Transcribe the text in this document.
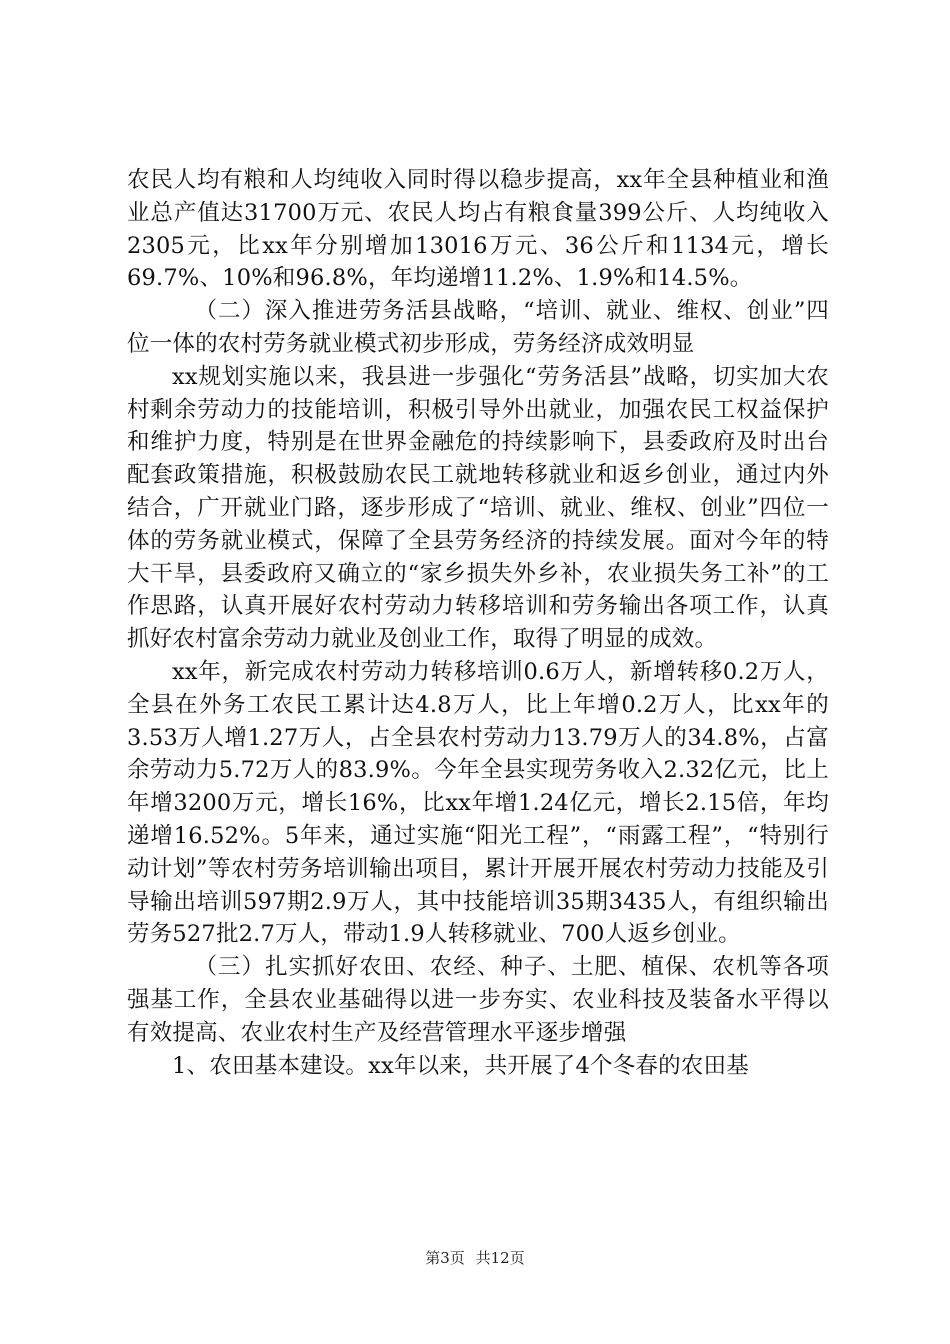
农民人均有粮和人均纯收入同时得以稳步提高，xx年全县种植业和渔业总产值达31700万元、农民人均占有粮食量399公斤、人均纯收入2305元，比xx年分别增加13016万元、36公斤和1134元，增长69.7%、10%和96.8%，年均递增11.2%、1.9%和14.5%。

（二）深入推进劳务活县战略，“培训、就业、维权、创业”四位一体的农村劳务就业模式初步形成，劳务经济成效明显

xx规划实施以来，我县进一步强化“劳务活县”战略，切实加大农村剩余劳动力的技能培训，积极引导外出就业，加强农民工权益保护和维护力度，特别是在世界金融危的持续影响下，县委政府及时出台配套政策措施，积极鼓励农民工就地转移就业和返乡创业，通过内外结合，广开就业门路，逐步形成了“培训、就业、维权、创业”四位一体的劳务就业模式，保障了全县劳务经济的持续发展。面对今年的特大干旱，县委政府又确立的“家乡损失外乡补，农业损失务工补”的工作思路，认真开展好农村劳动力转移培训和劳务输出各项工作，认真抓好农村富余劳动力就业及创业工作，取得了明显的成效。

xx年，新完成农村劳动力转移培训0.6万人，新增转移0.2万人，全县在外务工农民工累计达4.8万人，比上年增0.2万人，比xx年的3.53万人增1.27万人，占全县农村劳动力13.79万人的34.8%，占富余劳动力5.72万人的83.9%。今年全县实现劳务收入2.32亿元，比上年增3200万元，增长16%，比xx年增1.24亿元，增长2.15倍，年均递增16.52%。5年来，通过实施“阳光工程”，“雨露工程”，“特别行动计划”等农村劳务培训输出项目，累计开展开展农村劳动力技能及引导输出培训597期2.9万人，其中技能培训35期3435人，有组织输出劳务527批2.7万人，带动1.9人转移就业、700人返乡创业。

（三）扎实抓好农田、农经、种子、土肥、植保、农机等各项强基工作，全县农业基础得以进一步夯实、农业科技及装备水平得以有效提高、农业农村生产及经营管理水平逐步增强

1、农田基本建设。xx年以来，共开展了4个冬春的农田基

第3页 共12页
